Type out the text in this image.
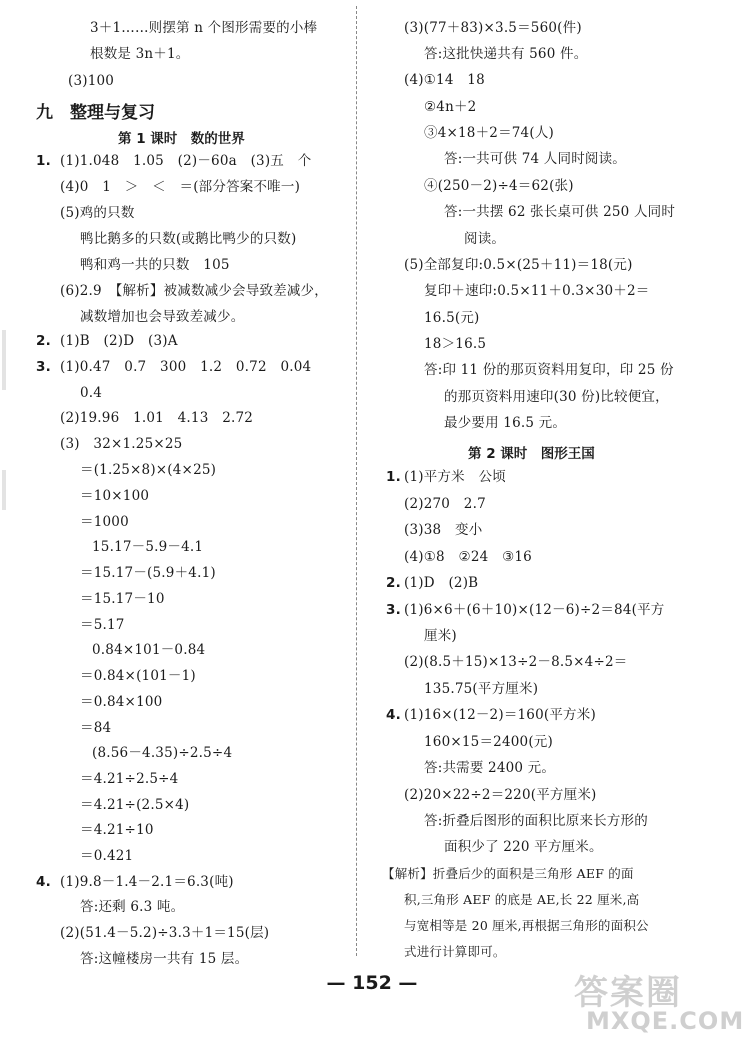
3＋1……则摆第 n 个图形需要的小棒
根数是 3n＋1。
(3)100
九　整理与复习
第 1 课时　数的世界
1. (1)1.048　1.05　(2)－60a　(3)五　个
(4)0　1　＞　＜　＝(部分答案不唯一)
(5)鸡的只数
鸭比鹅多的只数(或鹅比鸭少的只数)
鸭和鸡一共的只数　105
(6)2.9　【解析】被减数减少会导致差减少，
减数增加也会导致差减少。
2. (1)B　(2)D　(3)A
3. (1)0.47　0.7　300　1.2　0.72　0.04
0.4
(2)19.96　1.01　4.13　2.72
(3)　32×1.25×25
＝(1.25×8)×(4×25)
＝10×100
＝1000
15.17－5.9－4.1
＝15.17－(5.9＋4.1)
＝15.17－10
＝5.17
0.84×101－0.84
＝0.84×(101－1)
＝0.84×100
＝84
(8.56－4.35)÷2.5÷4
＝4.21÷2.5÷4
＝4.21÷(2.5×4)
＝4.21÷10
＝0.421
4. (1)9.8－1.4－2.1＝6.3(吨)
答:还剩 6.3 吨。
(2)(51.4－5.2)÷3.3＋1＝15(层)
答:这幢楼房一共有 15 层。
(3)(77＋83)×3.5＝560(件)
答:这批快递共有 560 件。
(4)①14　18
②4n＋2
③4×18＋2＝74(人)
答:一共可供 74 人同时阅读。
④(250－2)÷4＝62(张)
答:一共摆 62 张长桌可供 250 人同时
阅读。
(5)全部复印:0.5×(25＋11)＝18(元)
复印＋速印:0.5×11＋0.3×30＋2＝
16.5(元)
18＞16.5
答:印 11 份的那页资料用复印，印 25 份
的那页资料用速印(30 份)比较便宜，
最少要用 16.5 元。
第 2 课时　图形王国
1. (1)平方米　公顷
(2)270　2.7
(3)38　变小
(4)①8　②24　③16
2. (1)D　(2)B
3. (1)6×6＋(6＋10)×(12－6)÷2＝84(平方
厘米)
(2)(8.5＋15)×13÷2－8.5×4÷2＝
135.75(平方厘米)
4. (1)16×(12－2)＝160(平方米)
160×15＝2400(元)
答:共需要 2400 元。
(2)20×22÷2＝220(平方厘米)
答:折叠后图形的面积比原来长方形的
面积少了 220 平方厘米。
【解析】折叠后少的面积是三角形 AEF 的面
积,三角形 AEF 的底是 AE,长 22 厘米,高
与宽相等是 20 厘米,再根据三角形的面积公
式进行计算即可。
— 152 —	答案圈
MXQE.COM
